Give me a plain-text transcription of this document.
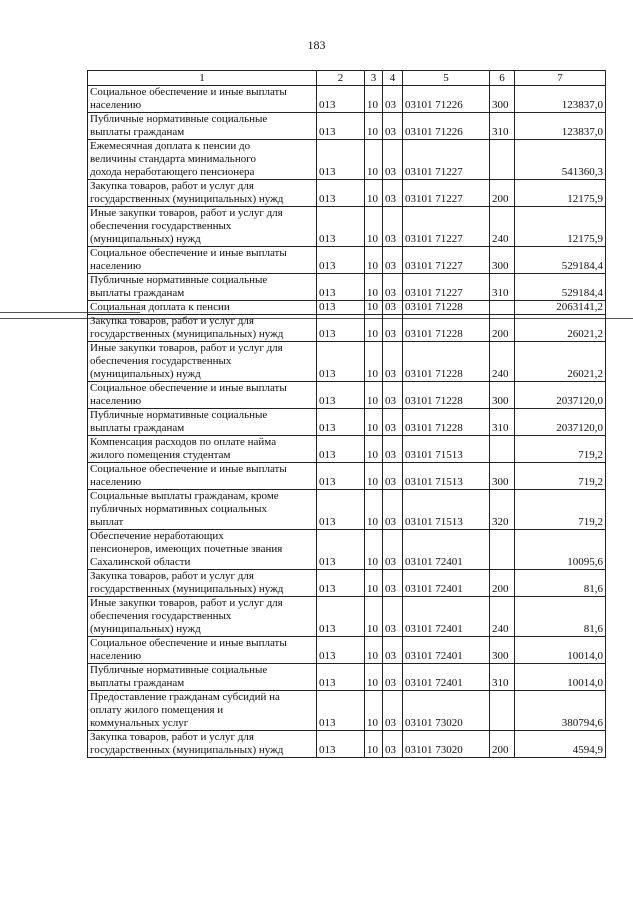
183
1	2	3	4	5	6	7
Социальное обеспечение и иные выплаты
населению	013	10	03	03101 71226	300	123837,0
Публичные нормативные социальные
выплаты гражданам	013	10	03	03101 71226	310	123837,0
Ежемесячная доплата к пенсии до
величины стандарта минимального
дохода неработающего пенсионера	013	10	03	03101 71227		541360,3
Закупка товаров, работ и услуг для
государственных (муниципальных) нужд	013	10	03	03101 71227	200	12175,9
Иные закупки товаров, работ и услуг для
обеспечения государственных
(муниципальных) нужд	013	10	03	03101 71227	240	12175,9
Социальное обеспечение и иные выплаты
населению	013	10	03	03101 71227	300	529184,4
Публичные нормативные социальные
выплаты гражданам	013	10	03	03101 71227	310	529184,4
Социальная доплата к пенсии	013	10	03	03101 71228		2063141,2
Закупка товаров, работ и услуг для
государственных (муниципальных) нужд	013	10	03	03101 71228	200	26021,2
Иные закупки товаров, работ и услуг для
обеспечения государственных
(муниципальных) нужд	013	10	03	03101 71228	240	26021,2
Социальное обеспечение и иные выплаты
населению	013	10	03	03101 71228	300	2037120,0
Публичные нормативные социальные
выплаты гражданам	013	10	03	03101 71228	310	2037120,0
Компенсация расходов по оплате найма
жилого помещения студентам	013	10	03	03101 71513		719,2
Социальное обеспечение и иные выплаты
населению	013	10	03	03101 71513	300	719,2
Социальные выплаты гражданам, кроме
публичных нормативных социальных
выплат	013	10	03	03101 71513	320	719,2
Обеспечение неработающих
пенсионеров, имеющих почетные звания
Сахалинской области	013	10	03	03101 72401		10095,6
Закупка товаров, работ и услуг для
государственных (муниципальных) нужд	013	10	03	03101 72401	200	81,6
Иные закупки товаров, работ и услуг для
обеспечения государственных
(муниципальных) нужд	013	10	03	03101 72401	240	81,6
Социальное обеспечение и иные выплаты
населению	013	10	03	03101 72401	300	10014,0
Публичные нормативные социальные
выплаты гражданам	013	10	03	03101 72401	310	10014,0
Предоставление гражданам субсидий на
оплату жилого помещения и
коммунальных услуг	013	10	03	03101 73020		380794,6
Закупка товаров, работ и услуг для
государственных (муниципальных) нужд	013	10	03	03101 73020	200	4594,9
